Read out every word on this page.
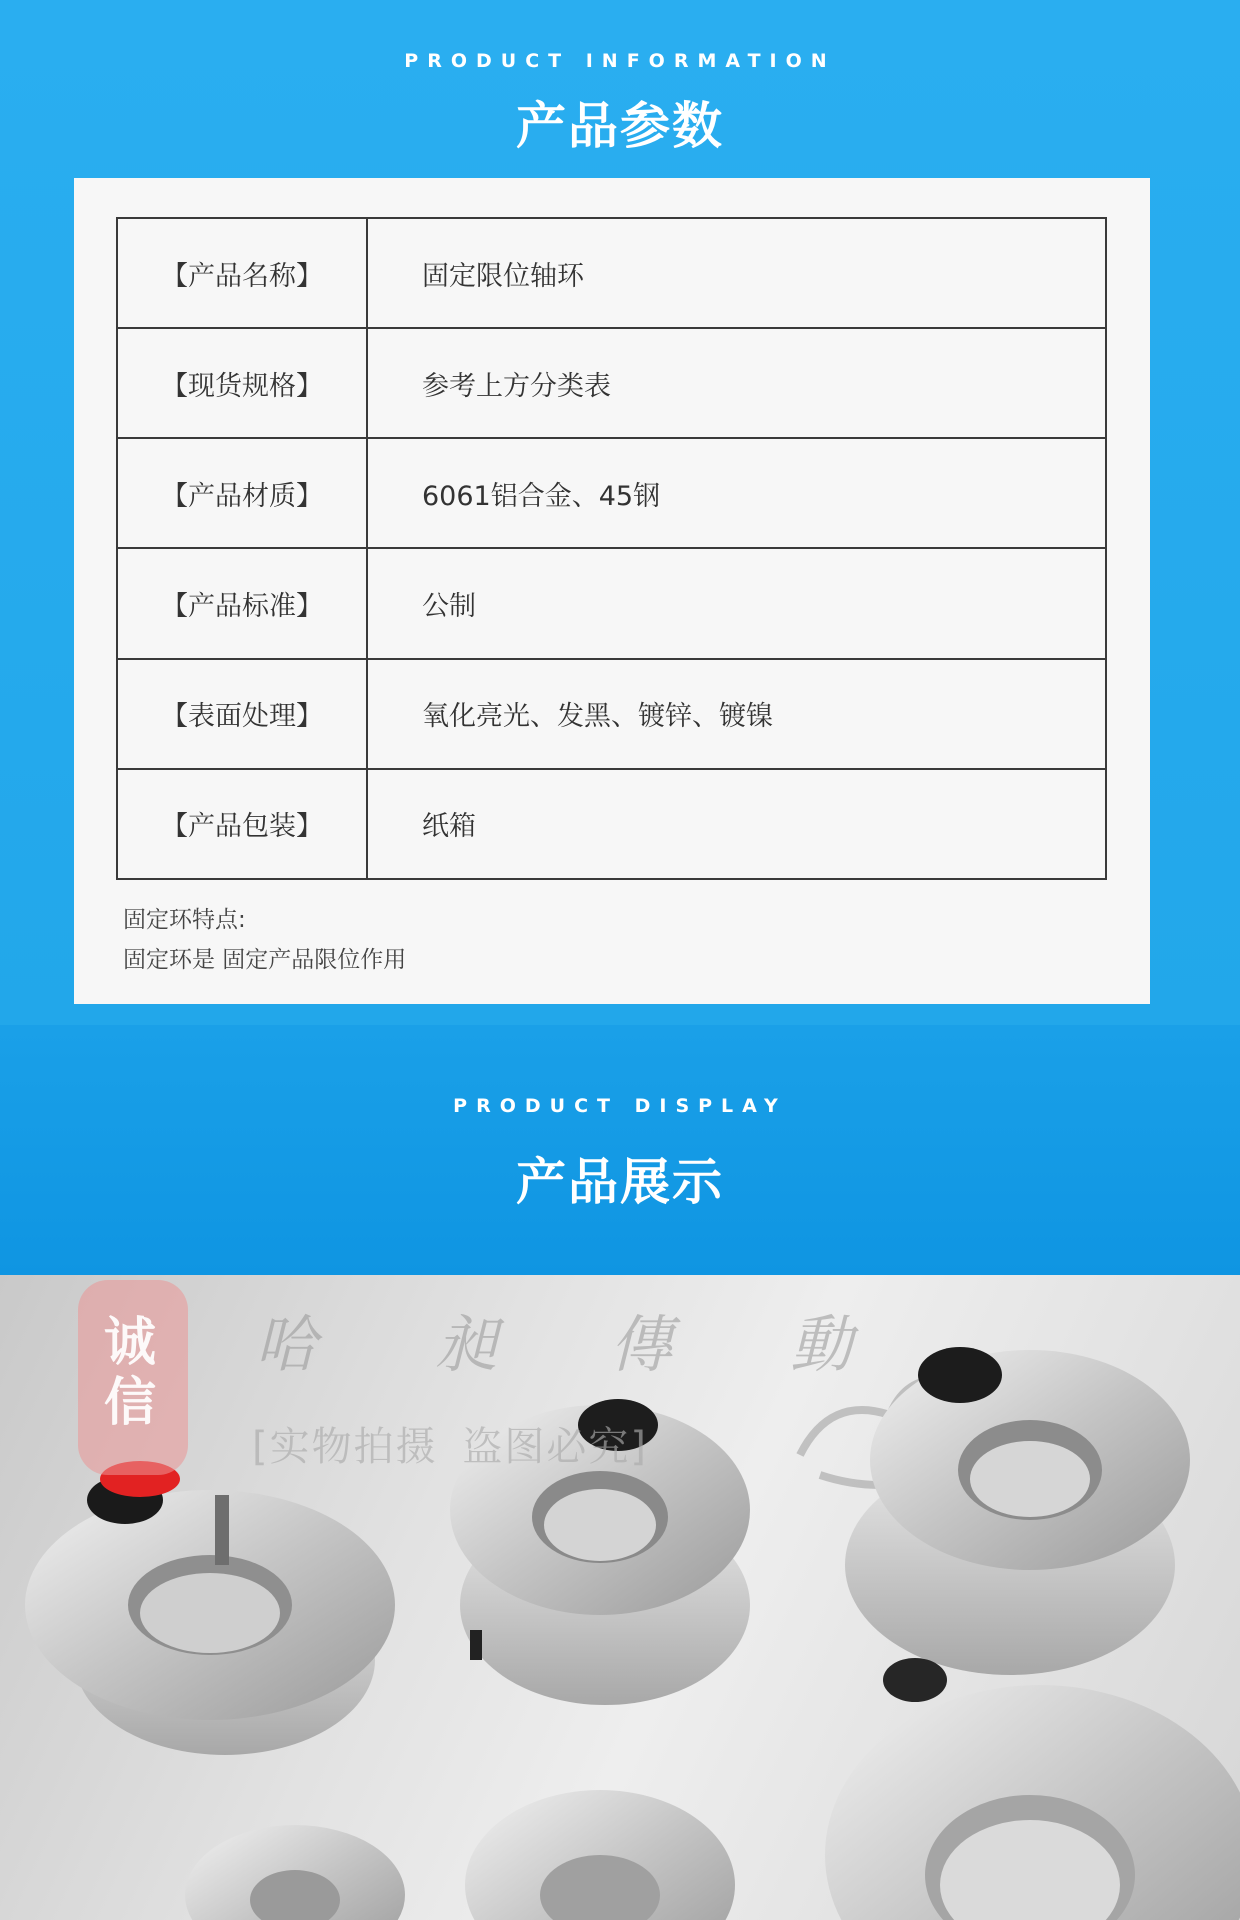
PRODUCT INFORMATION
产品参数
【产品名称】	固定限位轴环
【现货规格】	参考上方分类表
【产品材质】	6061铝合金、45钢
【产品标准】	公制
【表面处理】	氧化亮光、发黑、镀锌、镀镍
【产品包装】	纸箱
固定环特点:
固定环是 固定产品限位作用
PRODUCT DISPLAY
产品展示
诚
信
哈 昶 傳 動
[实物拍摄 盗图必究]
